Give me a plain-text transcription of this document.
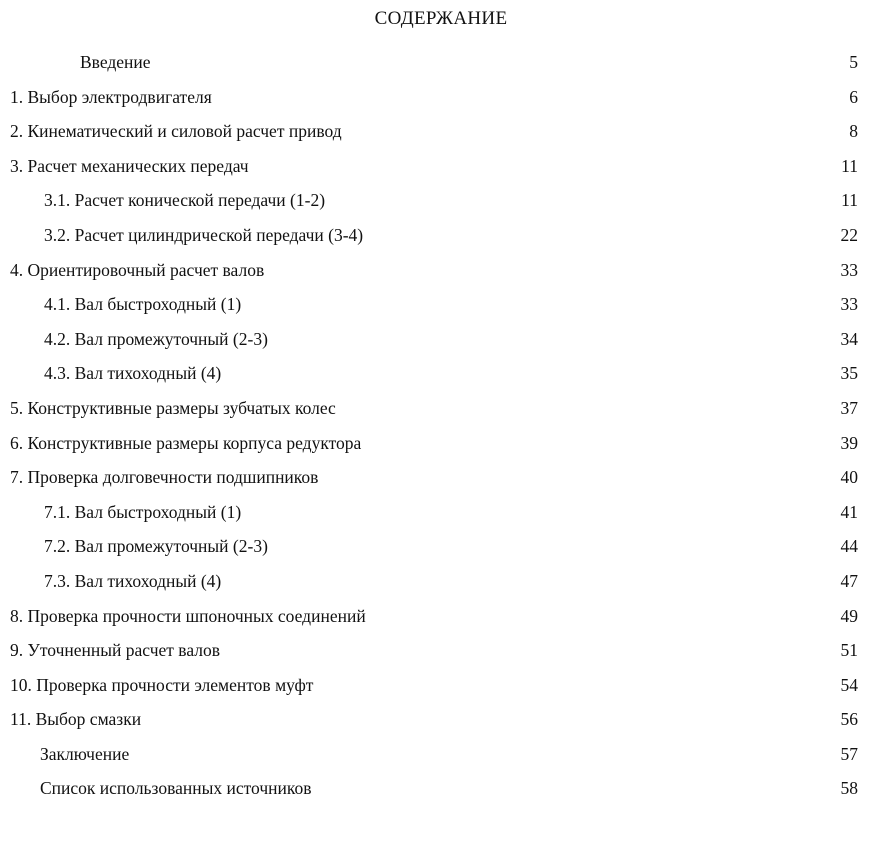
СОДЕРЖАНИЕ
Введение	5
1. Выбор электродвигателя	6
2. Кинематический и силовой расчет привод	8
3. Расчет механических передач	11
3.1. Расчет конической передачи (1-2)	11
3.2. Расчет цилиндрической передачи (3-4)	22
4. Ориентировочный расчет валов	33
4.1. Вал быстроходный (1)	33
4.2. Вал промежуточный (2-3)	34
4.3. Вал тихоходный (4)	35
5. Конструктивные размеры зубчатых колес	37
6. Конструктивные размеры корпуса редуктора	39
7. Проверка долговечности подшипников	40
7.1. Вал быстроходный (1)	41
7.2. Вал промежуточный (2-3)	44
7.3. Вал тихоходный (4)	47
8. Проверка прочности шпоночных соединений	49
9. Уточненный расчет валов	51
10. Проверка прочности элементов муфт	54
11. Выбор смазки	56
Заключение	57
Список использованных источников	58
